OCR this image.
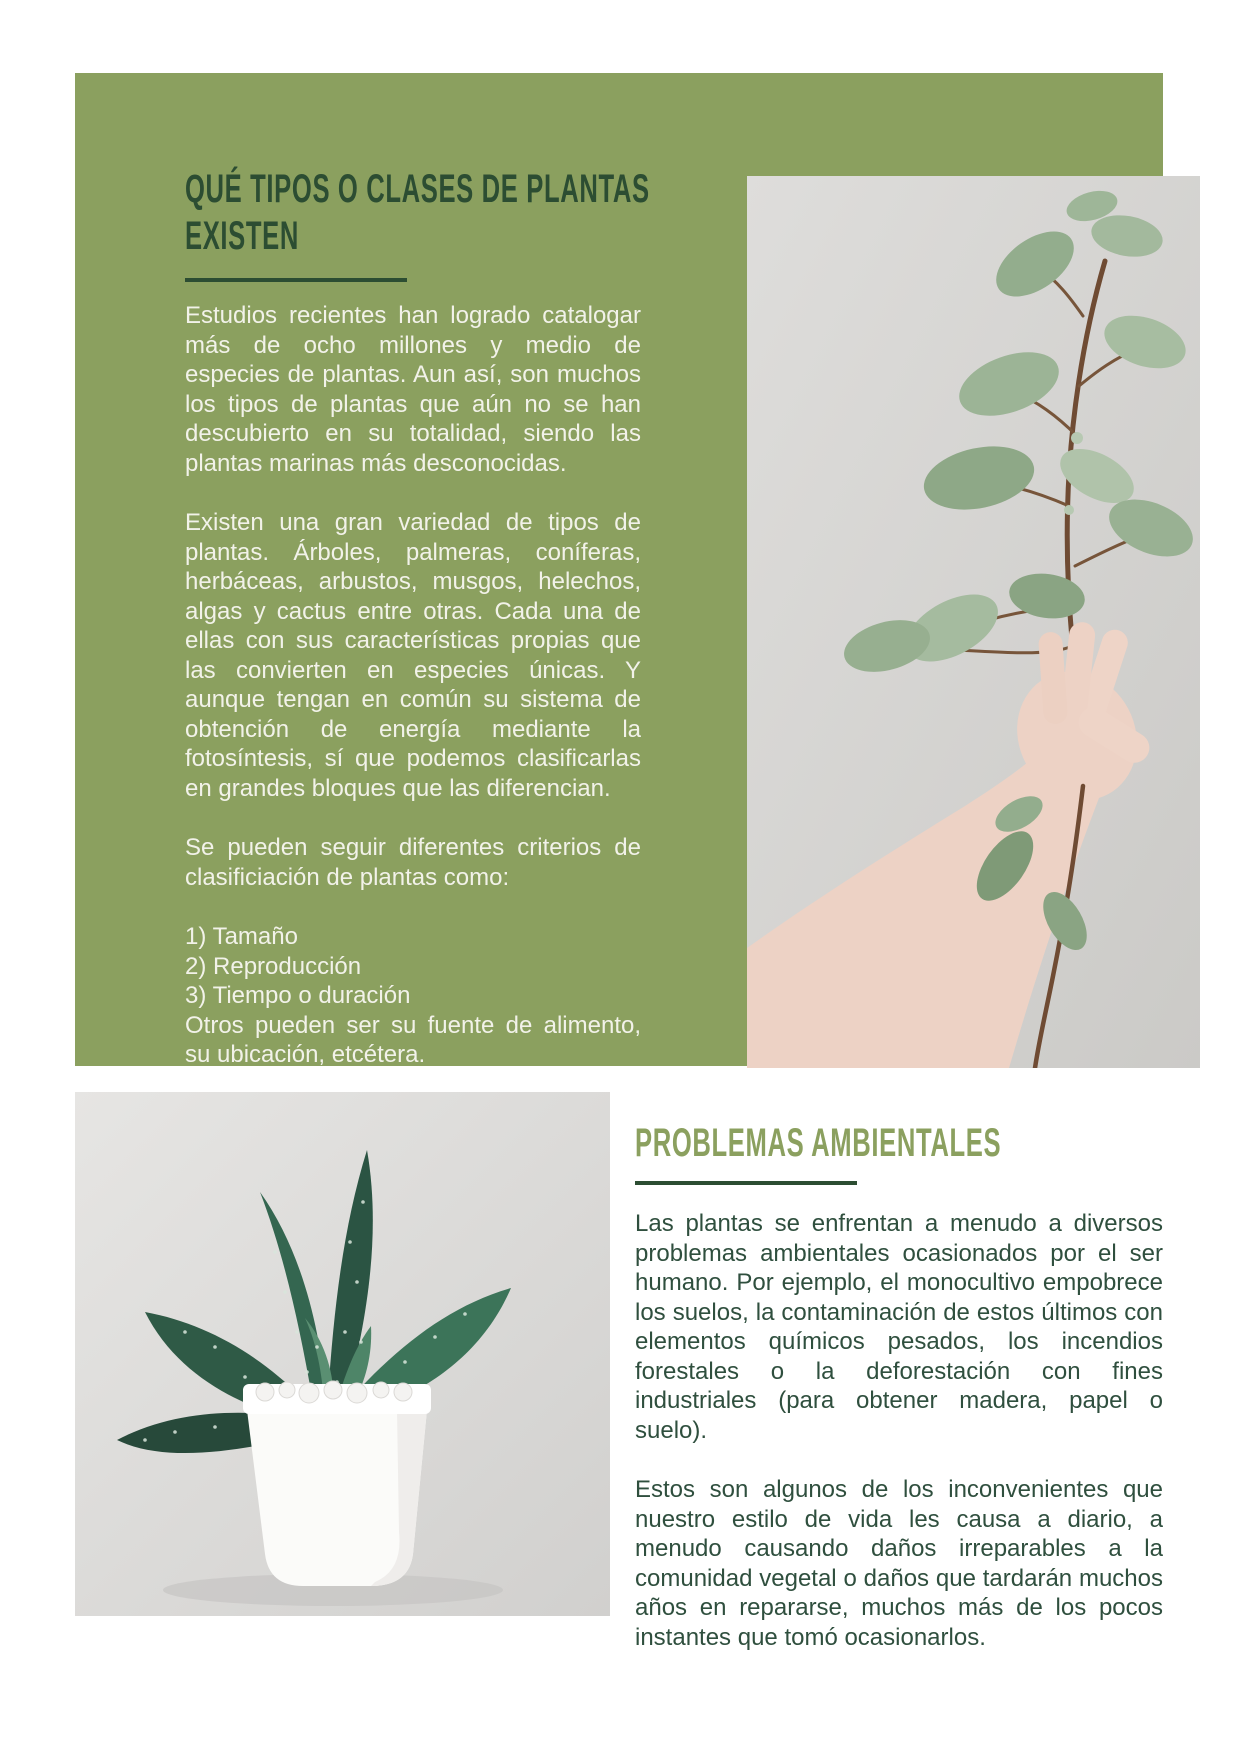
QUÉ TIPOS O CLASES DE PLANTAS
EXISTEN

Estudios recientes han logrado catalogar más de ocho millones y medio de especies de plantas. Aun así, son muchos los tipos de plantas que aún no se han descubierto en su totalidad, siendo las plantas marinas más desconocidas.

Existen una gran variedad de tipos de plantas. Árboles, palmeras, coníferas, herbáceas, arbustos, musgos, helechos, algas y cactus entre otras. Cada una de ellas con sus características propias que las convierten en especies únicas. Y aunque tengan en común su sistema de obtención de energía mediante la fotosíntesis, sí que podemos clasificarlas en grandes bloques que las diferencian.

Se pueden seguir diferentes criterios de clasificiación de plantas como:

1) Tamaño

2) Reproducción

3) Tiempo o duración

Otros pueden ser su fuente de alimento, su ubicación, etcétera.

PROBLEMAS AMBIENTALES

Las plantas se enfrentan a menudo a diversos problemas ambientales ocasionados por el ser humano. Por ejemplo, el monocultivo empobrece los suelos, la contaminación de estos últimos con elementos químicos pesados, los incendios forestales o la deforestación con fines industriales (para obtener madera, papel o suelo).

Estos son algunos de los inconvenientes que nuestro estilo de vida les causa a diario, a menudo causando daños irreparables a la comunidad vegetal o daños que tardarán muchos años en repararse, muchos más de los pocos instantes que tomó ocasionarlos.
